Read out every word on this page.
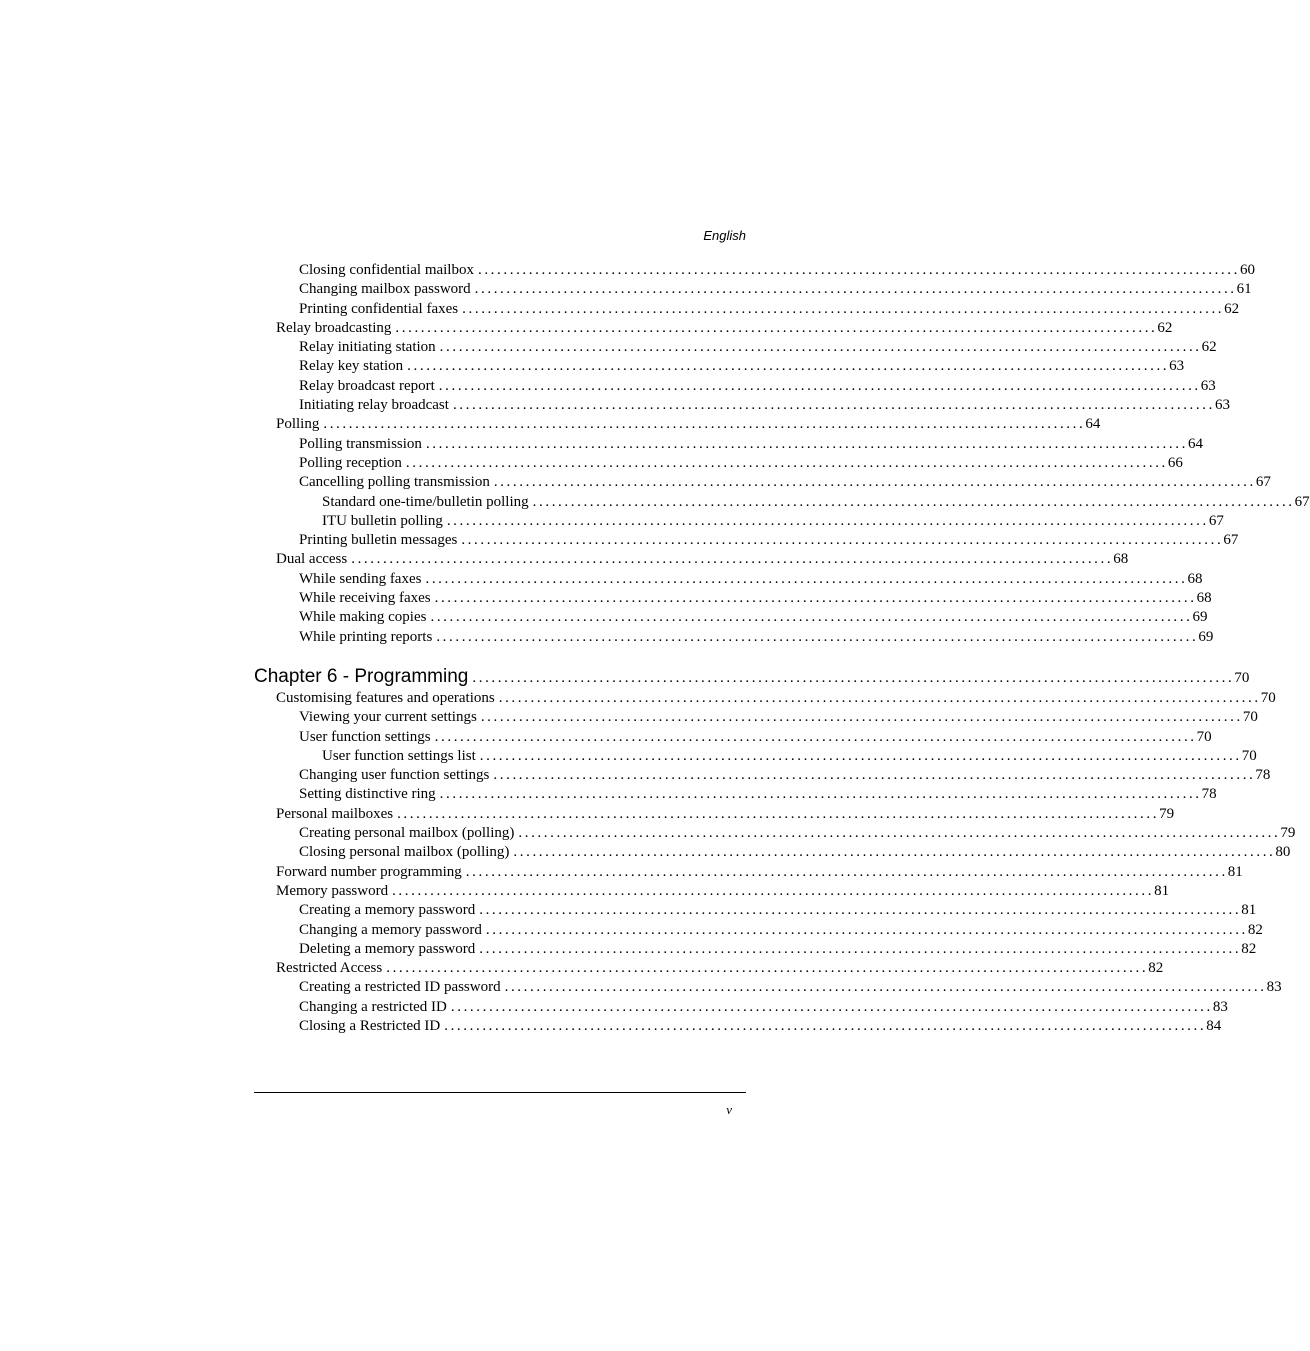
English
Closing confidential mailbox ........................................................................................................................ 60
Changing mailbox password ........................................................................................................................ 61
Printing confidential faxes ........................................................................................................................ 62
Relay broadcasting ........................................................................................................................ 62
Relay initiating station ........................................................................................................................ 62
Relay key station ........................................................................................................................ 63
Relay broadcast report ........................................................................................................................ 63
Initiating relay broadcast ........................................................................................................................ 63
Polling ........................................................................................................................ 64
Polling transmission ........................................................................................................................ 64
Polling reception ........................................................................................................................ 66
Cancelling polling transmission ........................................................................................................................ 67
Standard one-time/bulletin polling ........................................................................................................................ 67
ITU bulletin polling ........................................................................................................................ 67
Printing bulletin messages ........................................................................................................................ 67
Dual access ........................................................................................................................ 68
While sending faxes ........................................................................................................................ 68
While receiving faxes ........................................................................................................................ 68
While making copies ........................................................................................................................ 69
While printing reports ........................................................................................................................ 69
Chapter 6 - Programming ........................................................................................................................ 70
Customising features and operations ........................................................................................................................ 70
Viewing your current settings ........................................................................................................................ 70
User function settings ........................................................................................................................ 70
User function settings list ........................................................................................................................ 70
Changing user function settings ........................................................................................................................ 78
Setting distinctive ring ........................................................................................................................ 78
Personal mailboxes ........................................................................................................................ 79
Creating personal mailbox (polling) ........................................................................................................................ 79
Closing personal mailbox (polling) ........................................................................................................................ 80
Forward number programming ........................................................................................................................ 81
Memory password ........................................................................................................................ 81
Creating a memory password ........................................................................................................................ 81
Changing a memory password ........................................................................................................................ 82
Deleting a memory password ........................................................................................................................ 82
Restricted Access ........................................................................................................................ 82
Creating a restricted ID password ........................................................................................................................ 83
Changing a restricted ID ........................................................................................................................ 83
Closing a Restricted ID ........................................................................................................................ 84
v
